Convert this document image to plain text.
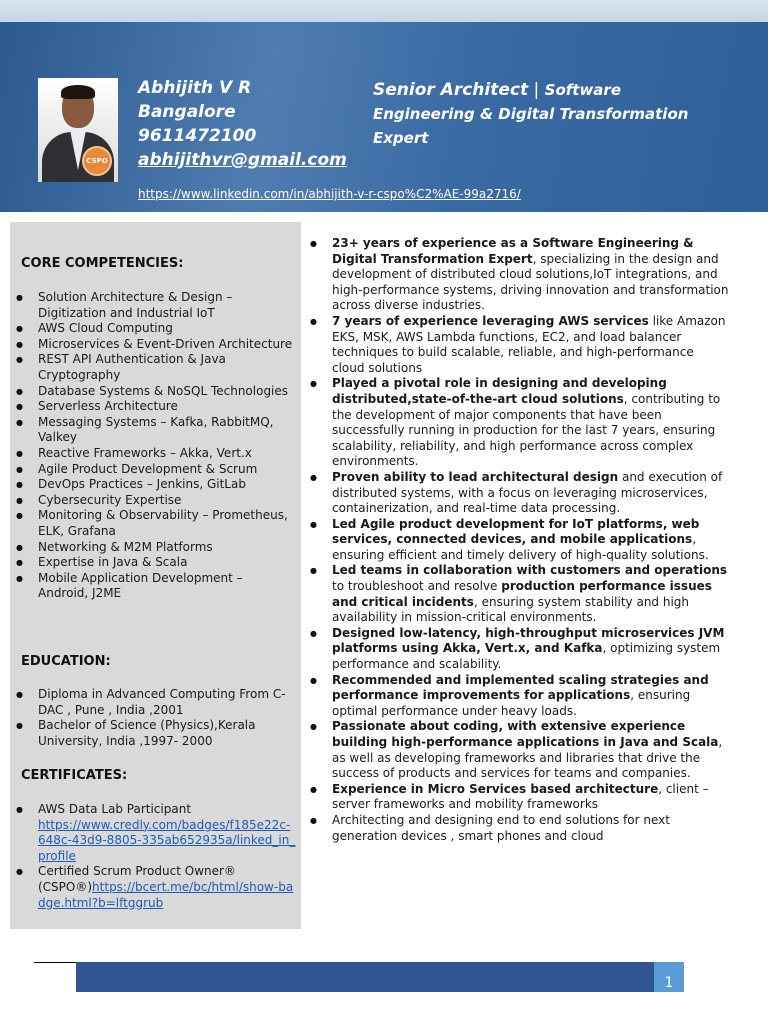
CSPO
Abhijith V R
Bangalore
9611472100
abhijithvr@gmail.com
Senior Architect | Software
Engineering & Digital Transformation Expert
https://www.linkedin.com/in/abhijith-v-r-cspo%C2%AE-99a2716/
CORE COMPETENCIES:
● Solution Architecture & Design – Digitization and Industrial IoT
● AWS Cloud Computing
● Microservices & Event-Driven Architecture
● REST API Authentication & Java Cryptography
● Database Systems & NoSQL Technologies
● Serverless Architecture
● Messaging Systems – Kafka, RabbitMQ, Valkey
● Reactive Frameworks – Akka, Vert.x
● Agile Product Development & Scrum
● DevOps Practices – Jenkins, GitLab
● Cybersecurity Expertise
● Monitoring & Observability – Prometheus, ELK, Grafana
● Networking & M2M Platforms
● Expertise in Java & Scala
● Mobile Application Development – Android, J2ME
EDUCATION:
● Diploma in Advanced Computing From C-DAC , Pune , India ,2001
● Bachelor of Science (Physics),Kerala University, India ,1997- 2000
CERTIFICATES:
● AWS Data Lab Participant
https://www.credly.com/badges/f185e22c-648c-43d9-8805-335ab652935a/linked_in_profile
● Certified Scrum Product Owner® (CSPO®)https://bcert.me/bc/html/show-badge.html?b=lftggrub
● 23+ years of experience as a Software Engineering & Digital Transformation Expert, specializing in the design and development of distributed cloud solutions,IoT integrations, and high-performance systems, driving innovation and transformation across diverse industries.
● 7 years of experience leveraging AWS services like Amazon EKS, MSK, AWS Lambda functions, EC2, and load balancer techniques to build scalable, reliable, and high-performance cloud solutions
● Played a pivotal role in designing and developing distributed,state-of-the-art cloud solutions, contributing to the development of major components that have been successfully running in production for the last 7 years, ensuring scalability, reliability, and high performance across complex environments.
● Proven ability to lead architectural design and execution of distributed systems, with a focus on leveraging microservices, containerization, and real-time data processing.
● Led Agile product development for IoT platforms, web services, connected devices, and mobile applications, ensuring efficient and timely delivery of high-quality solutions.
● Led teams in collaboration with customers and operations to troubleshoot and resolve production performance issues and critical incidents, ensuring system stability and high availability in mission-critical environments.
● Designed low-latency, high-throughput microservices JVM platforms using Akka, Vert.x, and Kafka, optimizing system performance and scalability.
● Recommended and implemented scaling strategies and performance improvements for applications, ensuring optimal performance under heavy loads.
● Passionate about coding, with extensive experience building high-performance applications in Java and Scala, as well as developing frameworks and libraries that drive the success of products and services for teams and companies.
● Experience in Micro Services based architecture, client – server frameworks and mobility frameworks
● Architecting and designing end to end solutions for next generation devices , smart phones and cloud
1
